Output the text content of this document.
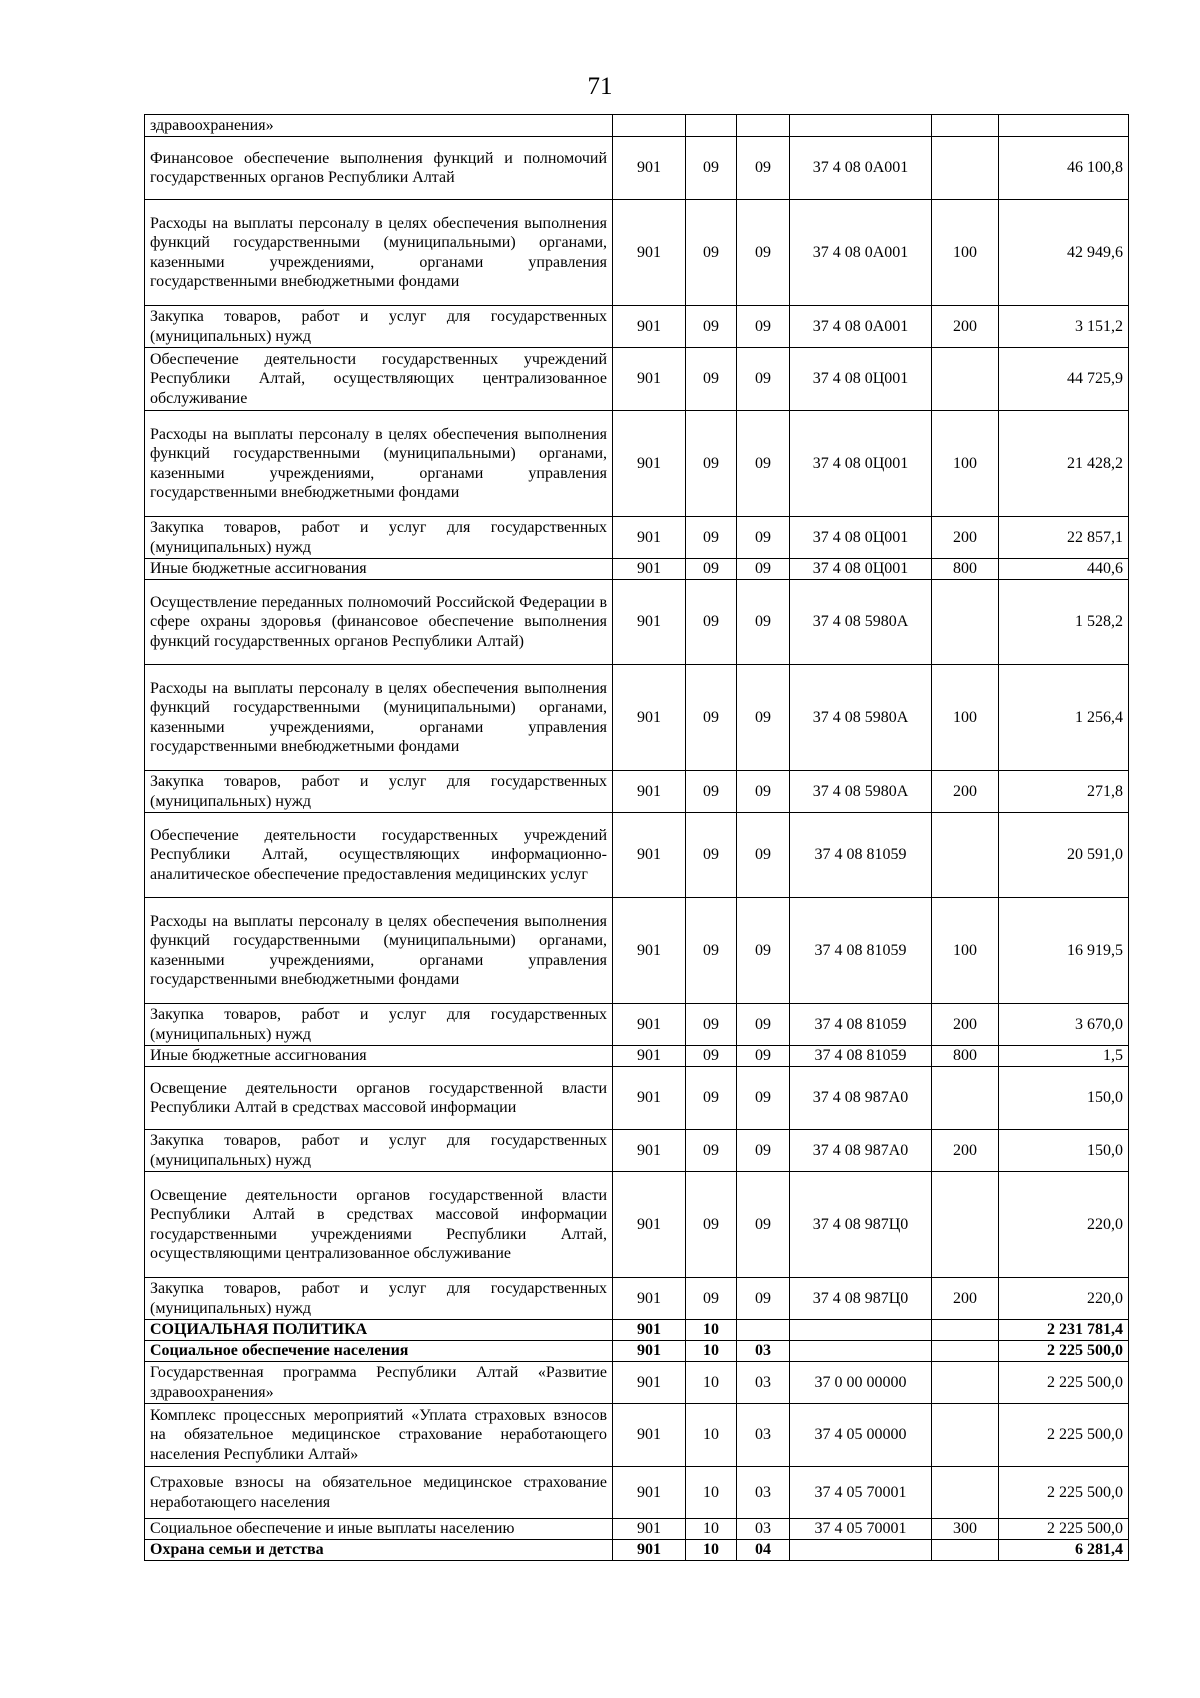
71
здравоохранения»						
Финансовое обеспечение выполнения функций и полномочий государственных органов Республики Алтай	901	09	09	37 4 08 0А001		46 100,8
Расходы на выплаты персоналу в целях обеспечения выполнения функций государственными (муниципальными) органами, казенными учреждениями, органами управления государственными внебюджетными фондами	901	09	09	37 4 08 0А001	100	42 949,6
Закупка товаров, работ и услуг для государственных (муниципальных) нужд	901	09	09	37 4 08 0А001	200	3 151,2
Обеспечение деятельности государственных учреждений Республики Алтай, осуществляющих централизованное обслуживание	901	09	09	37 4 08 0Ц001		44 725,9
Расходы на выплаты персоналу в целях обеспечения выполнения функций государственными (муниципальными) органами, казенными учреждениями, органами управления государственными внебюджетными фондами	901	09	09	37 4 08 0Ц001	100	21 428,2
Закупка товаров, работ и услуг для государственных (муниципальных) нужд	901	09	09	37 4 08 0Ц001	200	22 857,1
Иные бюджетные ассигнования	901	09	09	37 4 08 0Ц001	800	440,6
Осуществление переданных полномочий Российской Федерации в сфере охраны здоровья (финансовое обеспечение выполнения функций государственных органов Республики Алтай)	901	09	09	37 4 08 5980А		1 528,2
Расходы на выплаты персоналу в целях обеспечения выполнения функций государственными (муниципальными) органами, казенными учреждениями, органами управления государственными внебюджетными фондами	901	09	09	37 4 08 5980А	100	1 256,4
Закупка товаров, работ и услуг для государственных (муниципальных) нужд	901	09	09	37 4 08 5980А	200	271,8
Обеспечение деятельности государственных учреждений Республики Алтай, осуществляющих информационно-аналитическое обеспечение предоставления медицинских услуг	901	09	09	37 4 08 81059		20 591,0
Расходы на выплаты персоналу в целях обеспечения выполнения функций государственными (муниципальными) органами, казенными учреждениями, органами управления государственными внебюджетными фондами	901	09	09	37 4 08 81059	100	16 919,5
Закупка товаров, работ и услуг для государственных (муниципальных) нужд	901	09	09	37 4 08 81059	200	3 670,0
Иные бюджетные ассигнования	901	09	09	37 4 08 81059	800	1,5
Освещение деятельности органов государственной власти Республики Алтай в средствах массовой информации	901	09	09	37 4 08 987А0		150,0
Закупка товаров, работ и услуг для государственных (муниципальных) нужд	901	09	09	37 4 08 987А0	200	150,0
Освещение деятельности органов государственной власти Республики Алтай в средствах массовой информации государственными учреждениями Республики Алтай, осуществляющими централизованное обслуживание	901	09	09	37 4 08 987Ц0		220,0
Закупка товаров, работ и услуг для государственных (муниципальных) нужд	901	09	09	37 4 08 987Ц0	200	220,0
СОЦИАЛЬНАЯ ПОЛИТИКА	901	10				2 231 781,4
Социальное обеспечение населения	901	10	03			2 225 500,0
Государственная программа Республики Алтай «Развитие здравоохранения»	901	10	03	37 0 00 00000		2 225 500,0
Комплекс процессных мероприятий «Уплата страховых взносов на обязательное медицинское страхование неработающего населения Республики Алтай»	901	10	03	37 4 05 00000		2 225 500,0
Страховые взносы на обязательное медицинское страхование неработающего населения	901	10	03	37 4 05 70001		2 225 500,0
Социальное обеспечение и иные выплаты населению	901	10	03	37 4 05 70001	300	2 225 500,0
Охрана семьи и детства	901	10	04			6 281,4
